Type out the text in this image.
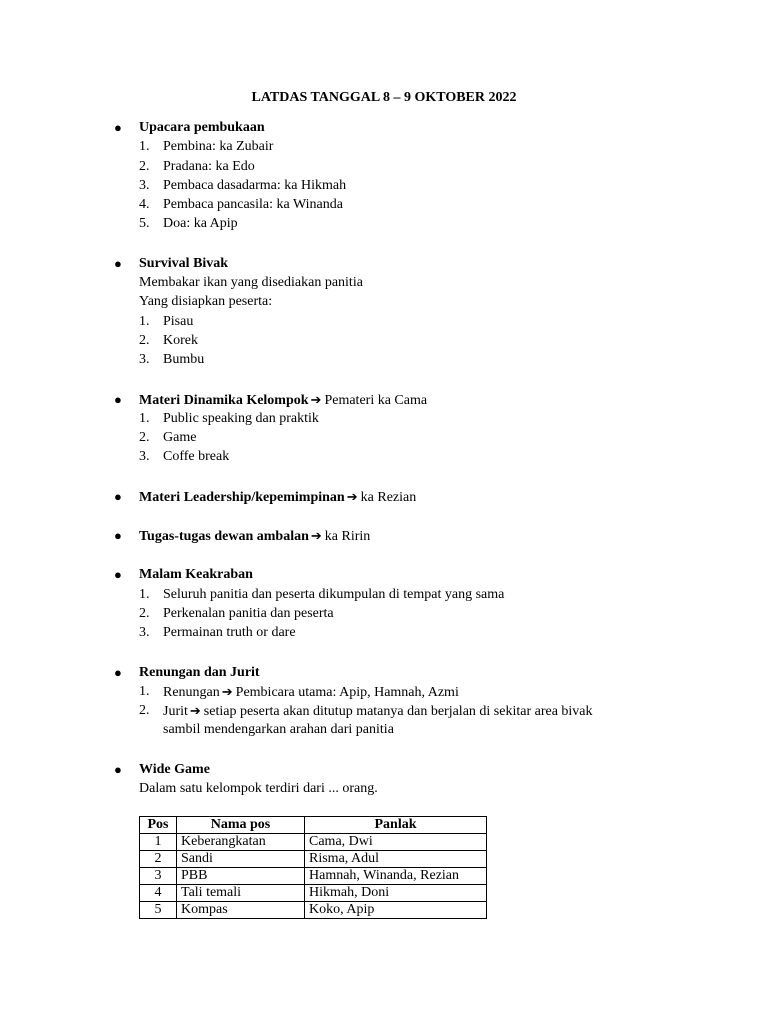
LATDAS TANGGAL 8 – 9 OKTOBER 2022
● Upacara pembukaan
1. Pembina: ka Zubair
2. Pradana: ka Edo
3. Pembaca dasadarma: ka Hikmah
4. Pembaca pancasila: ka Winanda
5. Doa: ka Apip
● Survival Bivak
Membakar ikan yang disediakan panitia
Yang disiapkan peserta:
1. Pisau
2. Korek
3. Bumbu
● Materi Dinamika Kelompok ➔ Pemateri ka Cama
1. Public speaking dan praktik
2. Game
3. Coffe break
● Materi Leadership/kepemimpinan ➔ ka Rezian
● Tugas-tugas dewan ambalan ➔ ka Ririn
● Malam Keakraban
1. Seluruh panitia dan peserta dikumpulan di tempat yang sama
2. Perkenalan panitia dan peserta
3. Permainan truth or dare
● Renungan dan Jurit
1. Renungan ➔ Pembicara utama: Apip, Hamnah, Azmi
2. Jurit ➔ setiap peserta akan ditutup matanya dan berjalan di sekitar area bivak
sambil mendengarkan arahan dari panitia
● Wide Game
Dalam satu kelompok terdiri dari ... orang.
Pos	Nama pos	Panlak
1	Keberangkatan	Cama, Dwi
2	Sandi	Risma, Adul
3	PBB	Hamnah, Winanda, Rezian
4	Tali temali	Hikmah, Doni
5	Kompas	Koko, Apip
